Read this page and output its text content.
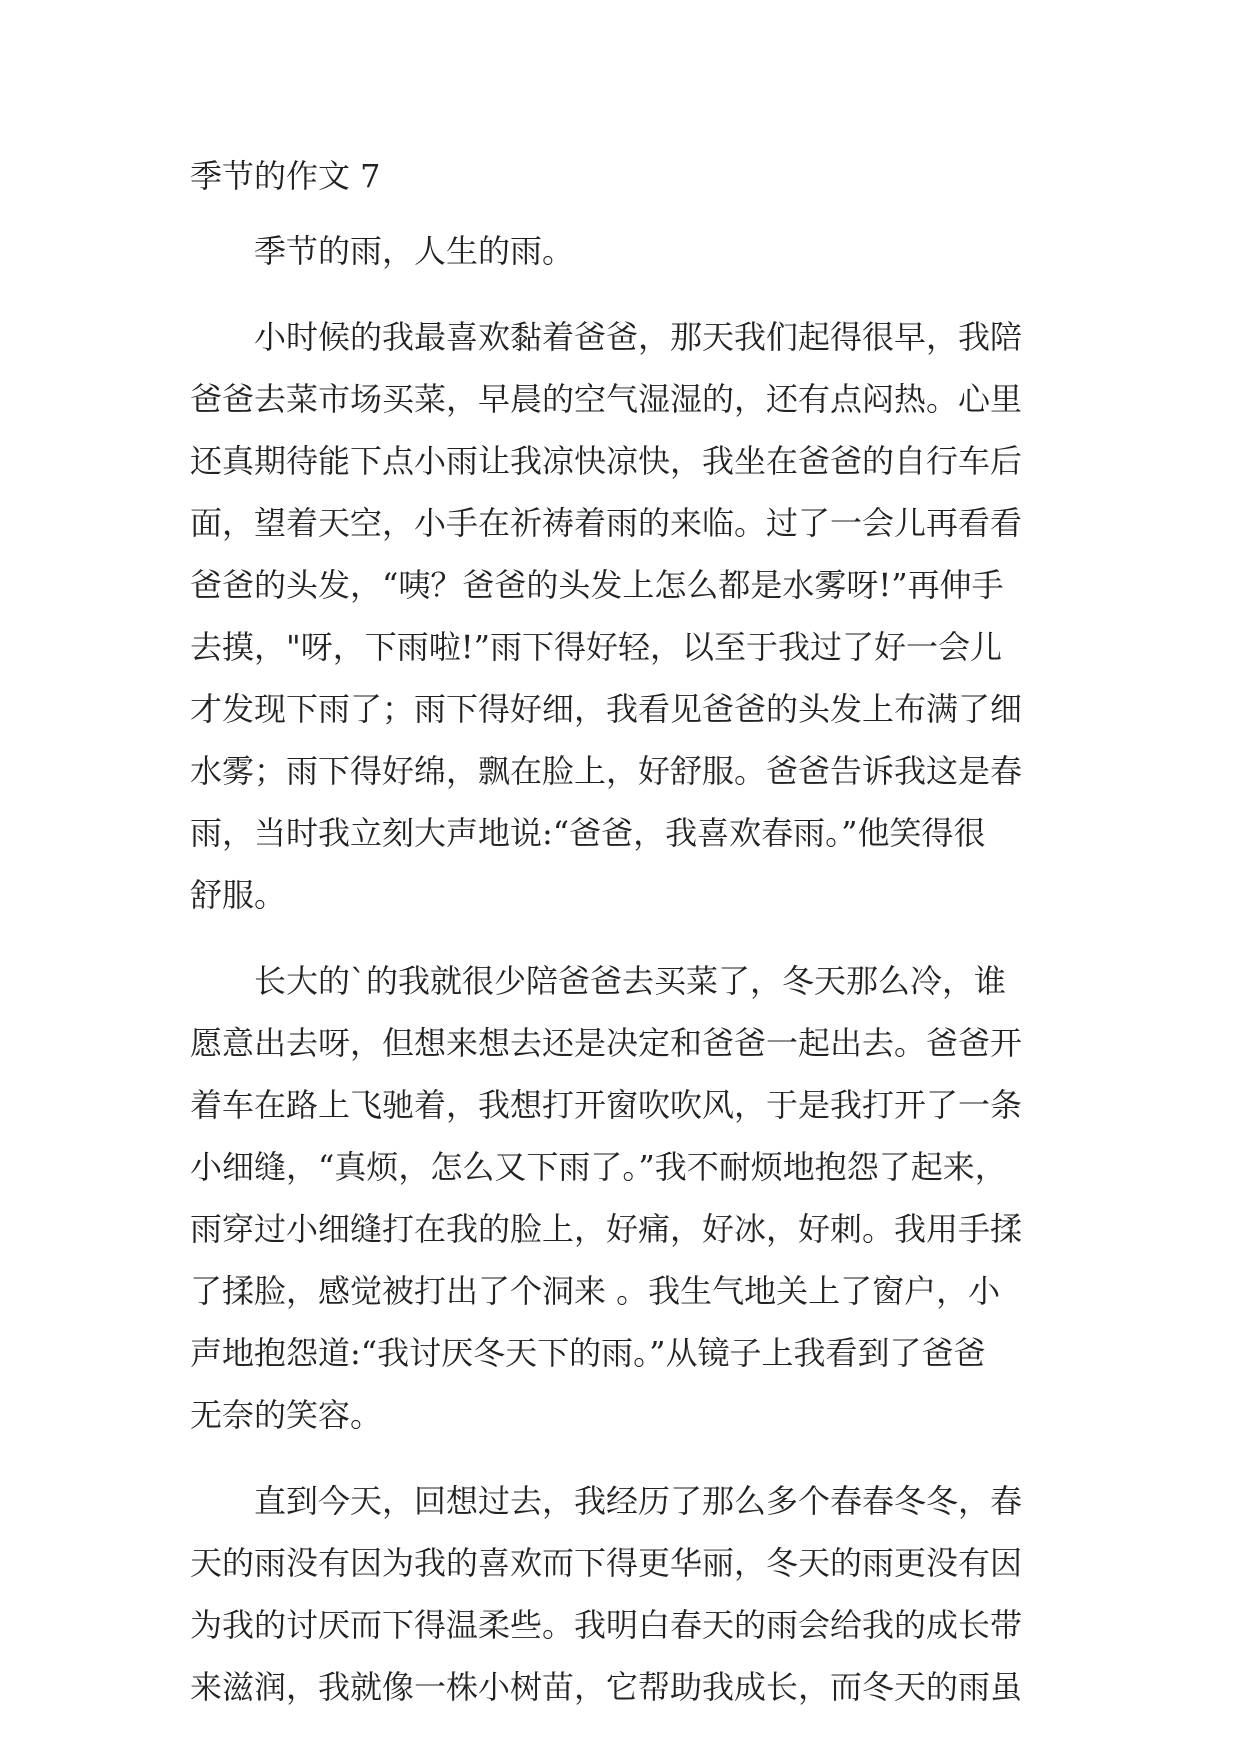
季节的作文 7
季节的雨，人生的雨。
小时候的我最喜欢黏着爸爸，那天我们起得很早，我陪
爸爸去菜市场买菜，早晨的空气湿湿的，还有点闷热。心里
还真期待能下点小雨让我凉快凉快，我坐在爸爸的自行车后
面，望着天空，小手在祈祷着雨的来临。过了一会儿再看看
爸爸的头发，“咦？爸爸的头发上怎么都是水雾呀!”再伸手
去摸，"呀，下雨啦!”雨下得好轻，以至于我过了好一会儿
才发现下雨了；雨下得好细，我看见爸爸的头发上布满了细
水雾；雨下得好绵，飘在脸上，好舒服。爸爸告诉我这是春
雨，当时我立刻大声地说:“爸爸，我喜欢春雨。”他笑得很
舒服。
长大的`的我就很少陪爸爸去买菜了，冬天那么冷，谁
愿意出去呀，但想来想去还是决定和爸爸一起出去。爸爸开
着车在路上飞驰着，我想打开窗吹吹风，于是我打开了一条
小细缝，“真烦，怎么又下雨了。”我不耐烦地抱怨了起来，
雨穿过小细缝打在我的脸上，好痛，好冰，好刺。我用手揉
了揉脸，感觉被打出了个洞来 。我生气地关上了窗户，小
声地抱怨道:“我讨厌冬天下的雨。”从镜子上我看到了爸爸
无奈的笑容。
直到今天，回想过去，我经历了那么多个春春冬冬，春
天的雨没有因为我的喜欢而下得更华丽，冬天的雨更没有因
为我的讨厌而下得温柔些。我明白春天的雨会给我的成长带
来滋润，我就像一株小树苗，它帮助我成长，而冬天的雨虽
